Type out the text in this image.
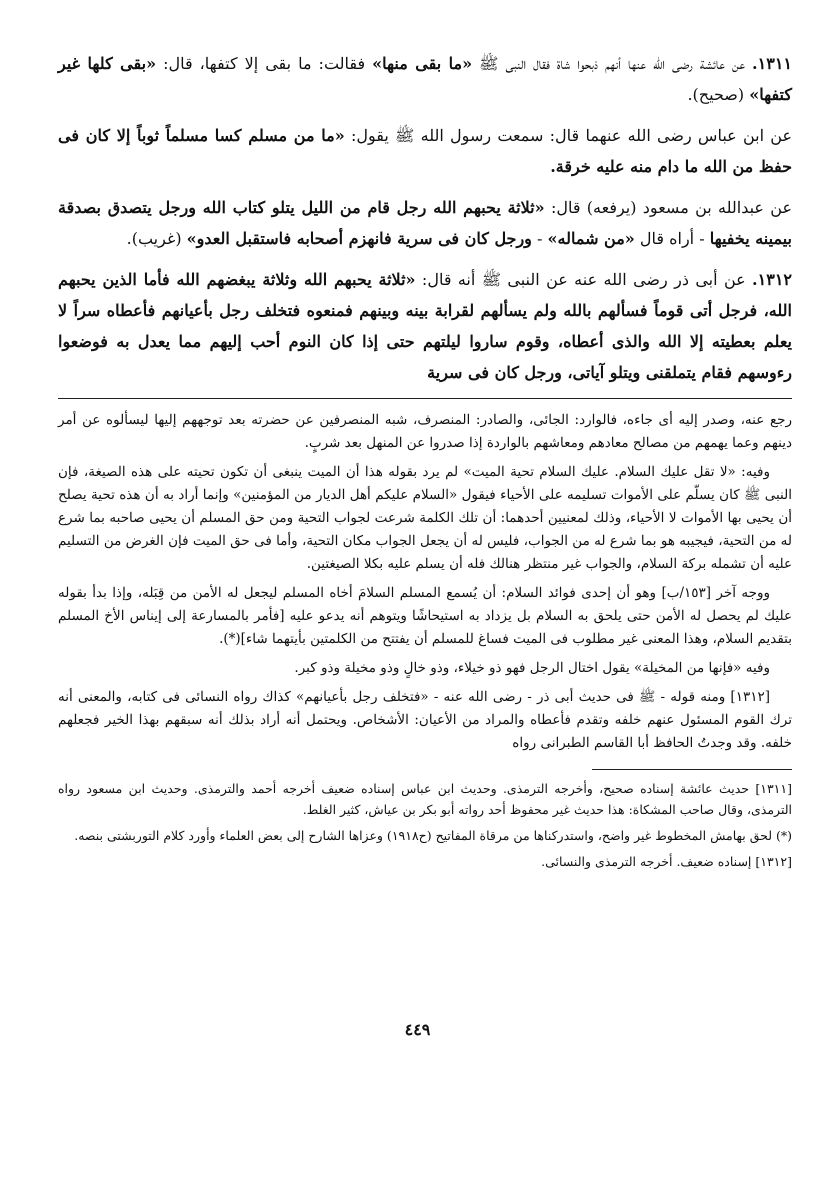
١٣١١. عن عائشة رضى الله عنها أنهم ذبحوا شاة فقال النبى ﷺ «ما بقى منها» فقالت: ما بقى إلا كتفها، قال: «بقى كلها غير كتفها» (صحيح).

عن ابن عباس رضى الله عنهما قال: سمعت رسول الله ﷺ يقول: «ما من مسلم كسا مسلماً ثوباً إلا كان فى حفظ من الله ما دام منه عليه خرقة.

عن عبدالله بن مسعود (يرفعه) قال: «ثلاثة يحبهم الله رجل قام من الليل يتلو كتاب الله ورجل يتصدق بصدقة بيمينه يخفيها - أراه قال «من شماله» - ورجل كان فى سرية فانهزم أصحابه فاستقبل العدو» (غريب).

١٣١٢. عن أبى ذر رضى الله عنه عن النبى ﷺ أنه قال: «ثلاثة يحبهم الله وثلاثة يبغضهم الله فأما الذين يحبهم الله، فرجل أتى قوماً فسألهم بالله ولم يسألهم لقرابة بينه وبينهم فمنعوه فتخلف رجل بأعيانهم فأعطاه سراً لا يعلم بعطيته إلا الله والذى أعطاه، وقوم ساروا ليلتهم حتى إذا كان النوم أحب إليهم مما يعدل به فوضعوا رءوسهم فقام يتملقنى ويتلو آياتى، ورجل كان فى سرية

رجع عنه، وصدر إليه أى جاءه، فالوارد: الجائى، والصادر: المنصرف، شبه المنصرفين عن حضرته بعد توجههم إليها ليسألوه عن أمر دينهم وعما يهمهم من مصالح معادهم ومعاشهم بالواردة إذا صدروا عن المنهل بعد شربٍ.

وفيه: «لا تقل عليك السلام. عليك السلام تحية الميت» لم يرد بقوله هذا أن الميت ينبغى أن تكون تحيته على هذه الصيغة، فإن النبى ﷺ كان يسلّم على الأموات تسليمه على الأحياء فيقول «السلام عليكم أهل الديار من المؤمنين» وإنما أراد به أن هذه تحية يصلح أن يحيى بها الأموات لا الأحياء، وذلك لمعنيين أحدهما: أن تلك الكلمة شرعت لجواب التحية ومن حق المسلم أن يحيى صاحبه بما شرع له من التحية، فيجيبه هو بما شرع له من الجواب، فليس له أن يجعل الجواب مكان التحية، وأما فى حق الميت فإن الغرض من التسليم عليه أن تشمله بركة السلام، والجواب غير منتظر هنالك فله أن يسلم عليه بكلا الصيغتين.

ووجه آخر [١٥٣/ب] وهو أن إحدى فوائد السلام: أن يُسمع المسلم السلامَ أخاه المسلم ليجعل له الأمن من قِبَله، وإذا بدأ بقوله عليك لم يحصل له الأمن حتى يلحق به السلام بل يزداد به استيحاشًا ويتوهم أنه يدعو عليه [فأمر بالمسارعة إلى إيناس الأخ المسلم بتقديم السلام، وهذا المعنى غير مطلوب فى الميت فساغ للمسلم أن يفتتح من الكلمتين بأيتهما شاء](*).

وفيه «فإنها من المخيلة» يقول اختال الرجل فهو ذو خيلاء، وذو خالٍ وذو مخيلة وذو كبر.

[١٣١٢] ومنه قوله - ﷺ فى حديث أبى ذر - رضى الله عنه - «فتخلف رجل بأعيانهم» كذاك رواه النسائى فى كتابه، والمعنى أنه ترك القوم المسئول عنهم خلفه وتقدم فأعطاه والمراد من الأعيان: الأشخاص. ويحتمل أنه أراد بذلك أنه سبقهم بهذا الخير فجعلهم خلفه. وقد وجدتُ الحافظ أبا القاسم الطبرانى رواه

[١٣١١] حديث عائشة إسناده صحيح، وأخرجه الترمذى. وحديث ابن عباس إسناده ضعيف أخرجه أحمد والترمذى. وحديث ابن مسعود رواه الترمذى، وقال صاحب المشكاة: هذا حديث غير محفوظ أحد رواته أبو بكر بن عياش، كثير الغلط.

(*) لحق بهامش المخطوط غير واضح، واستدركناها من مرقاة المفاتيح (ح١٩١٨) وعزاها الشارح إلى بعض العلماء وأورد كلام التوربشتى بنصه.

[١٣١٢] إسناده ضعيف. أخرجه الترمذى والنسائى.

٤٤٩
